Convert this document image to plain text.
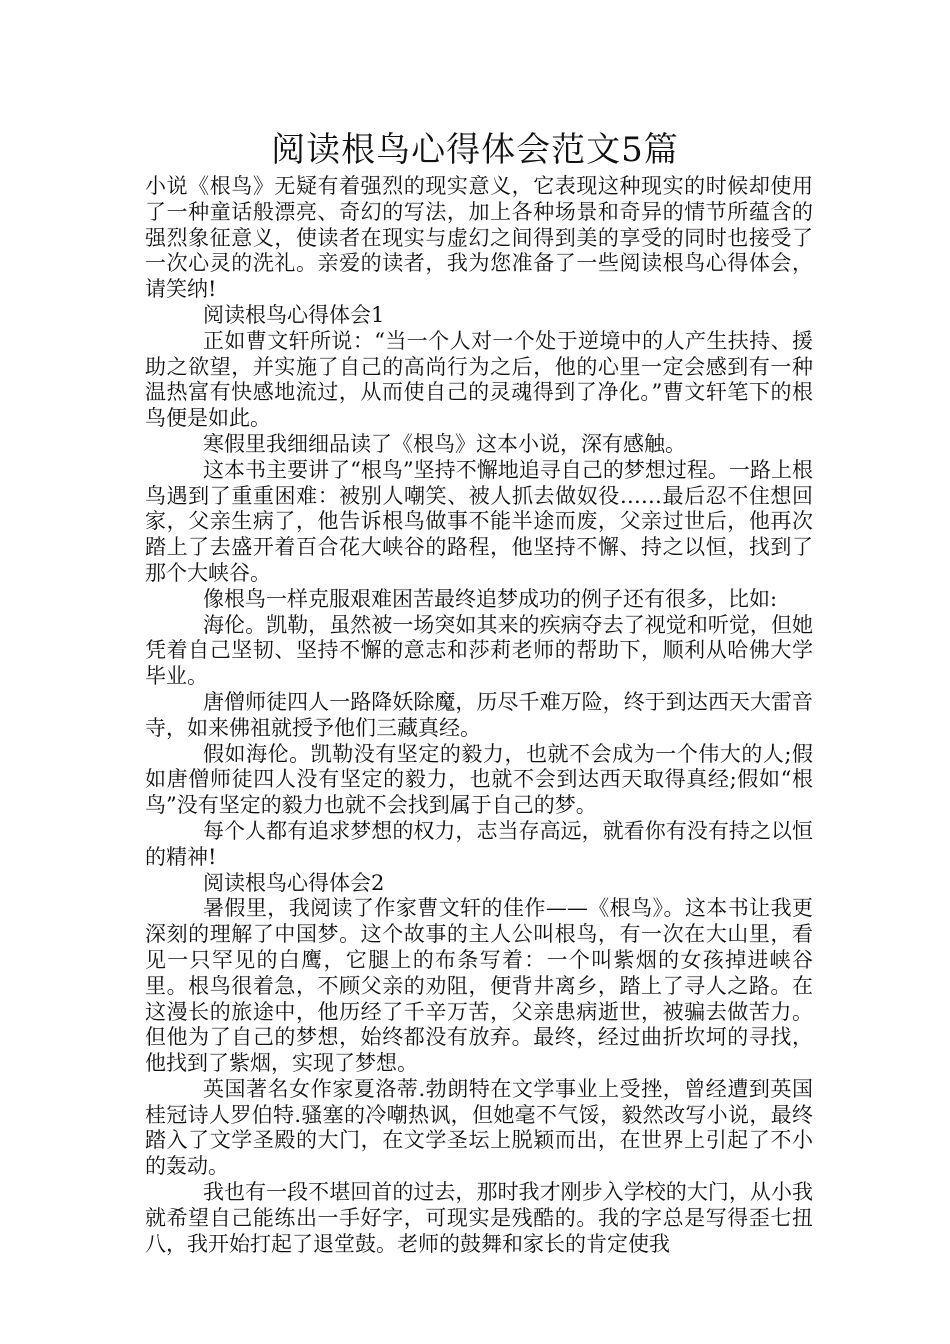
阅读根鸟心得体会范文5篇

小说《根鸟》无疑有着强烈的现实意义，它表现这种现实的时候却使用了一种童话般漂亮、奇幻的写法，加上各种场景和奇异的情节所蕴含的强烈象征意义，使读者在现实与虚幻之间得到美的享受的同时也接受了一次心灵的洗礼。亲爱的读者，我为您准备了一些阅读根鸟心得体会，请笑纳!

阅读根鸟心得体会1

正如曹文轩所说：“当一个人对一个处于逆境中的人产生扶持、援助之欲望，并实施了自己的高尚行为之后，他的心里一定会感到有一种温热富有快感地流过，从而使自己的灵魂得到了净化。”曹文轩笔下的根鸟便是如此。

寒假里我细细品读了《根鸟》这本小说，深有感触。

这本书主要讲了“根鸟”坚持不懈地追寻自己的梦想过程。一路上根鸟遇到了重重困难：被别人嘲笑、被人抓去做奴役……最后忍不住想回家，父亲生病了，他告诉根鸟做事不能半途而废，父亲过世后，他再次踏上了去盛开着百合花大峡谷的路程，他坚持不懈、持之以恒，找到了那个大峡谷。

像根鸟一样克服艰难困苦最终追梦成功的例子还有很多，比如:

海伦。凯勒，虽然被一场突如其来的疾病夺去了视觉和听觉，但她凭着自己坚韧、坚持不懈的意志和莎莉老师的帮助下，顺利从哈佛大学毕业。

唐僧师徒四人一路降妖除魔，历尽千难万险，终于到达西天大雷音寺，如来佛祖就授予他们三藏真经。

假如海伦。凯勒没有坚定的毅力，也就不会成为一个伟大的人;假如唐僧师徒四人没有坚定的毅力，也就不会到达西天取得真经;假如“根鸟”没有坚定的毅力也就不会找到属于自己的梦。

每个人都有追求梦想的权力，志当存高远，就看你有没有持之以恒的精神!

阅读根鸟心得体会2

暑假里，我阅读了作家曹文轩的佳作——《根鸟》。这本书让我更深刻的理解了中国梦。这个故事的主人公叫根鸟，有一次在大山里，看见一只罕见的白鹰，它腿上的布条写着：一个叫紫烟的女孩掉进峡谷里。根鸟很着急，不顾父亲的劝阻，便背井离乡，踏上了寻人之路。在这漫长的旅途中，他历经了千辛万苦，父亲患病逝世，被骗去做苦力。但他为了自己的梦想，始终都没有放弃。最终，经过曲折坎坷的寻找，他找到了紫烟，实现了梦想。

英国著名女作家夏洛蒂.勃朗特在文学事业上受挫，曾经遭到英国桂冠诗人罗伯特.骚塞的冷嘲热讽，但她毫不气馁，毅然改写小说，最终踏入了文学圣殿的大门，在文学圣坛上脱颖而出，在世界上引起了不小的轰动。

我也有一段不堪回首的过去，那时我才刚步入学校的大门，从小我就希望自己能练出一手好字，可现实是残酷的。我的字总是写得歪七扭八，我开始打起了退堂鼓。老师的鼓舞和家长的肯定使我
